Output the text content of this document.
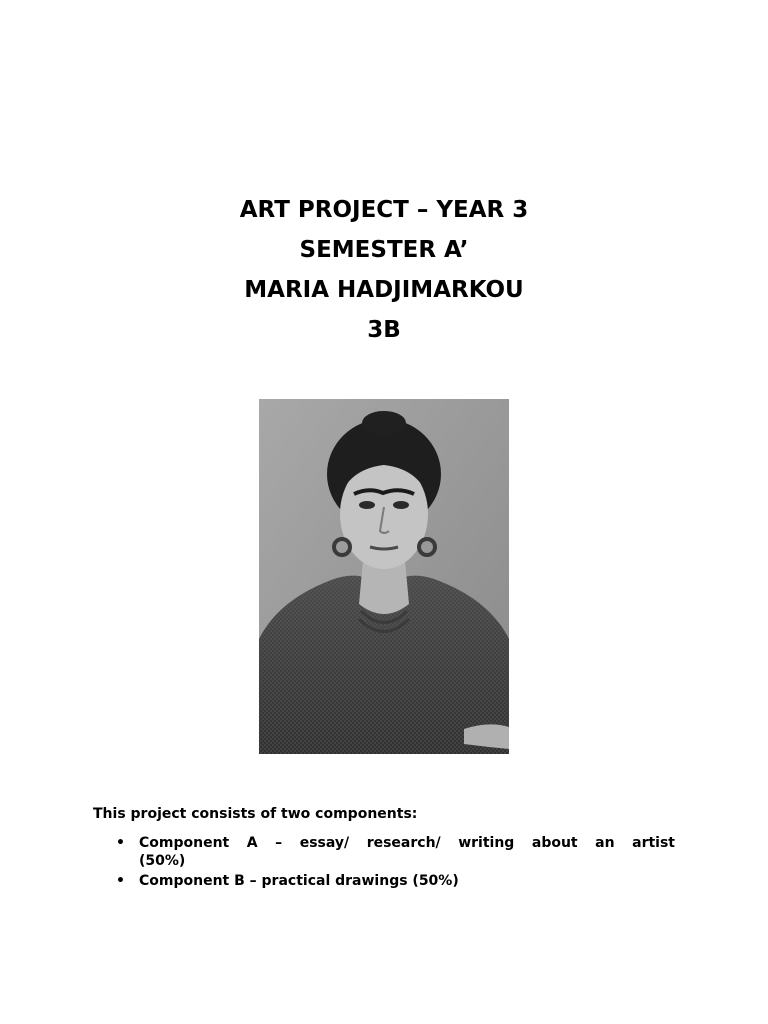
ART PROJECT – YEAR 3

SEMESTER A’

MARIA HADJIMARKOU

3B

This project consists of two components:

• Component A – essay/ research/ writing about an artist (50%)
• Component B – practical drawings (50%)
